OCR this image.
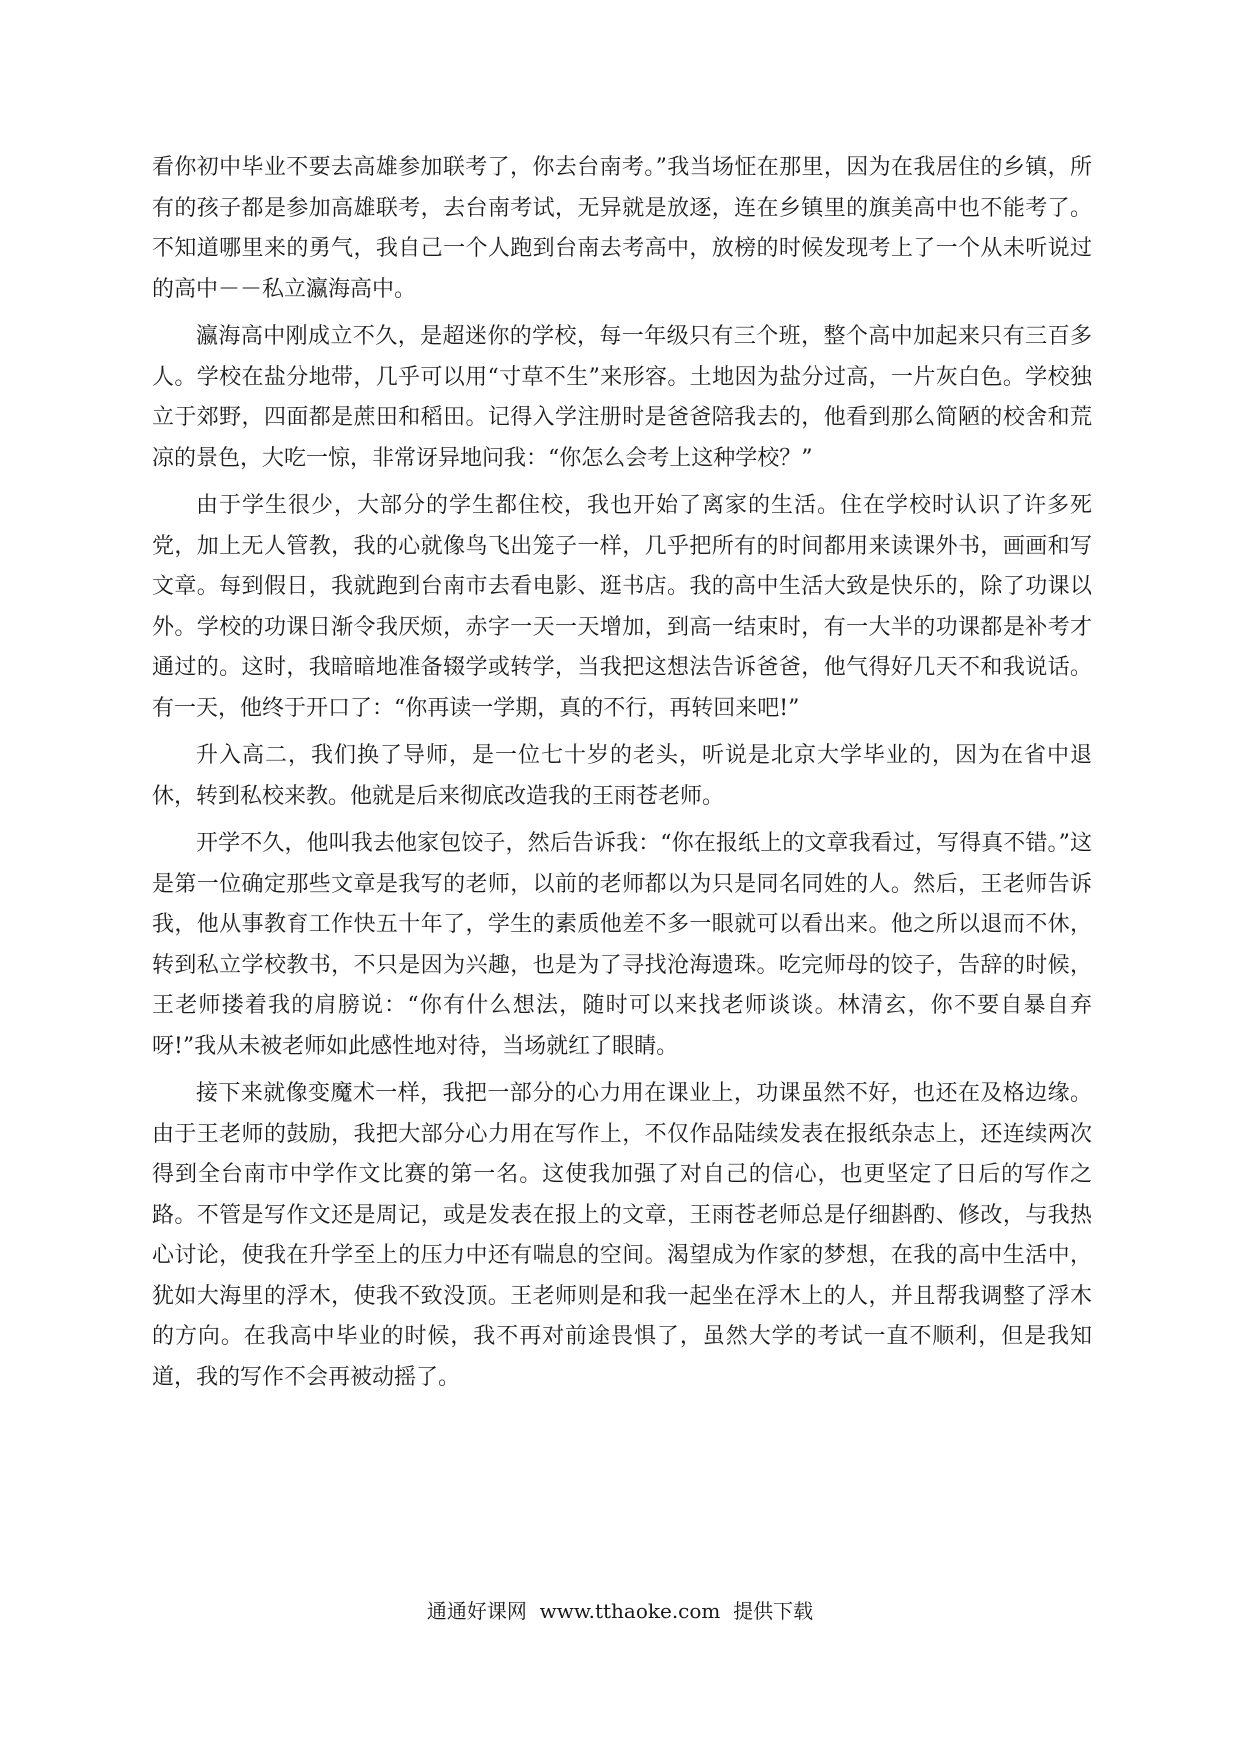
看你初中毕业不要去高雄参加联考了，你去台南考。”我当场怔在那里，因为在我居住的乡镇，所有的孩子都是参加高雄联考，去台南考试，无异就是放逐，连在乡镇里的旗美高中也不能考了。不知道哪里来的勇气，我自己一个人跑到台南去考高中，放榜的时候发现考上了一个从未听说过的高中－－私立瀛海高中。

瀛海高中刚成立不久，是超迷你的学校，每一年级只有三个班，整个高中加起来只有三百多人。学校在盐分地带，几乎可以用“寸草不生”来形容。土地因为盐分过高，一片灰白色。学校独立于郊野，四面都是蔗田和稻田。记得入学注册时是爸爸陪我去的，他看到那么简陋的校舍和荒凉的景色，大吃一惊，非常讶异地问我：“你怎么会考上这种学校？”

由于学生很少，大部分的学生都住校，我也开始了离家的生活。住在学校时认识了许多死党，加上无人管教，我的心就像鸟飞出笼子一样，几乎把所有的时间都用来读课外书，画画和写文章。每到假日，我就跑到台南市去看电影、逛书店。我的高中生活大致是快乐的，除了功课以外。学校的功课日渐令我厌烦，赤字一天一天增加，到高一结束时，有一大半的功课都是补考才通过的。这时，我暗暗地准备辍学或转学，当我把这想法告诉爸爸，他气得好几天不和我说话。有一天，他终于开口了：“你再读一学期，真的不行，再转回来吧!”

升入高二，我们换了导师，是一位七十岁的老头，听说是北京大学毕业的，因为在省中退休，转到私校来教。他就是后来彻底改造我的王雨苍老师。

开学不久，他叫我去他家包饺子，然后告诉我：“你在报纸上的文章我看过，写得真不错。”这是第一位确定那些文章是我写的老师，以前的老师都以为只是同名同姓的人。然后，王老师告诉我，他从事教育工作快五十年了，学生的素质他差不多一眼就可以看出来。他之所以退而不休，转到私立学校教书，不只是因为兴趣，也是为了寻找沧海遗珠。吃完师母的饺子，告辞的时候，王老师搂着我的肩膀说：“你有什么想法，随时可以来找老师谈谈。林清玄，你不要自暴自弃呀!”我从未被老师如此感性地对待，当场就红了眼睛。

接下来就像变魔术一样，我把一部分的心力用在课业上，功课虽然不好，也还在及格边缘。由于王老师的鼓励，我把大部分心力用在写作上，不仅作品陆续发表在报纸杂志上，还连续两次得到全台南市中学作文比赛的第一名。这使我加强了对自己的信心，也更坚定了日后的写作之路。不管是写作文还是周记，或是发表在报上的文章，王雨苍老师总是仔细斟酌、修改，与我热心讨论，使我在升学至上的压力中还有喘息的空间。渴望成为作家的梦想，在我的高中生活中，犹如大海里的浮木，使我不致没顶。王老师则是和我一起坐在浮木上的人，并且帮我调整了浮木的方向。在我高中毕业的时候，我不再对前途畏惧了，虽然大学的考试一直不顺利，但是我知道，我的写作不会再被动摇了。

通通好课网  www.tthaoke.com  提供下载
